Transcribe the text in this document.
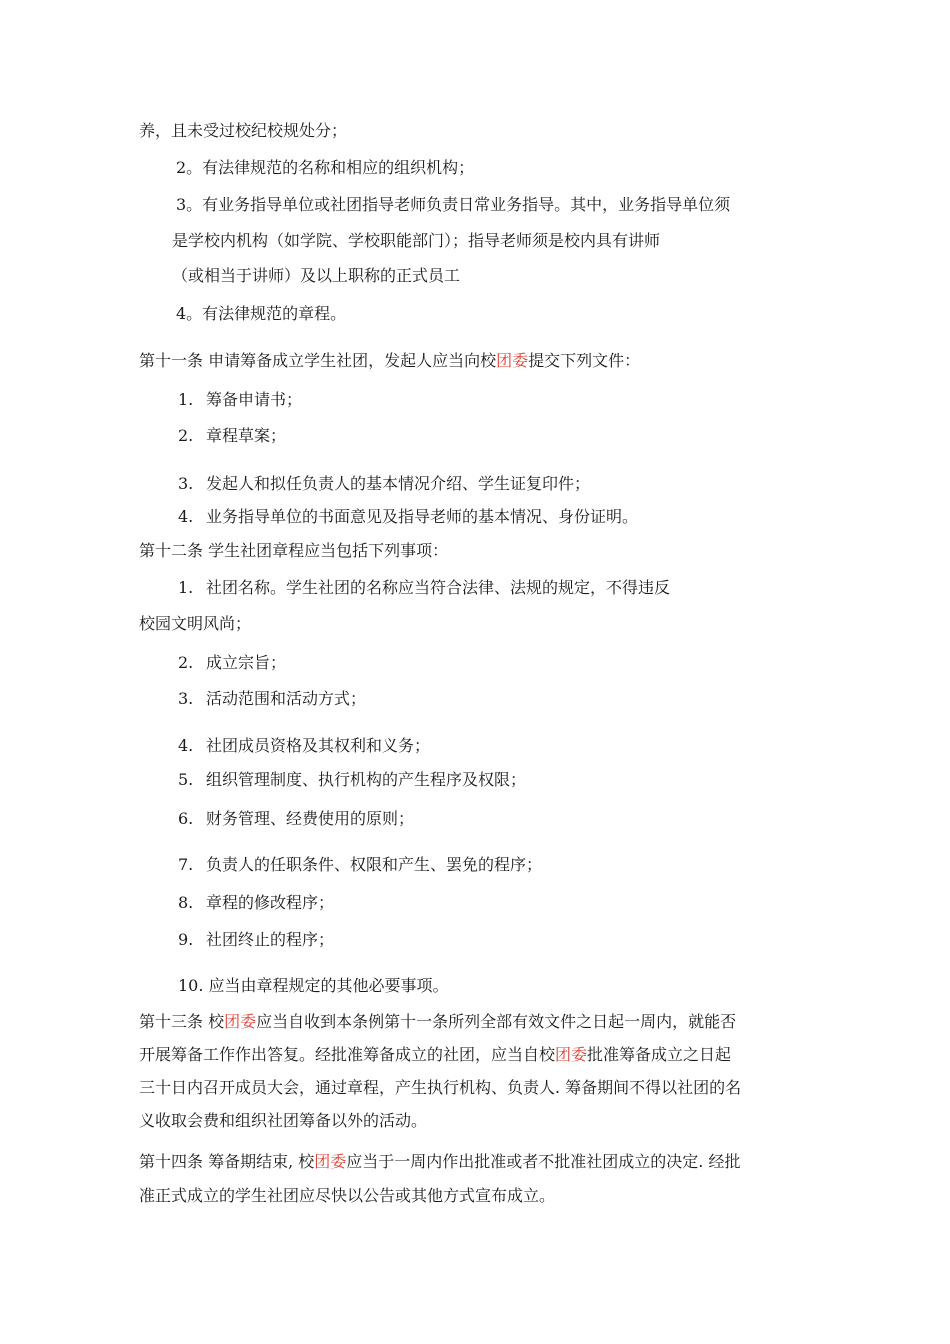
养，且未受过校纪校规处分；
2。有法律规范的名称和相应的组织机构；
3。有业务指导单位或社团指导老师负责日常业务指导。其中，业务指导单位须
是学校内机构（如学院、学校职能部门）；指导老师须是校内具有讲师
（或相当于讲师）及以上职称的正式员工
4。有法律规范的章程。
第十一条 申请筹备成立学生社团，发起人应当向校团委提交下列文件：
1. 筹备申请书；
2. 章程草案；
3. 发起人和拟任负责人的基本情况介绍、学生证复印件；
4. 业务指导单位的书面意见及指导老师的基本情况、身份证明。
第十二条 学生社团章程应当包括下列事项：
1. 社团名称。学生社团的名称应当符合法律、法规的规定，不得违反
校园文明风尚；
2. 成立宗旨；
3. 活动范围和活动方式；
4. 社团成员资格及其权利和义务；
5. 组织管理制度、执行机构的产生程序及权限；
6. 财务管理、经费使用的原则；
7. 负责人的任职条件、权限和产生、罢免的程序；
8. 章程的修改程序；
9. 社团终止的程序；
10. 应当由章程规定的其他必要事项。
第十三条 校团委应当自收到本条例第十一条所列全部有效文件之日起一周内，就能否
开展筹备工作作出答复。经批准筹备成立的社团，应当自校团委批准筹备成立之日起
三十日内召开成员大会，通过章程，产生执行机构、负责人. 筹备期间不得以社团的名
义收取会费和组织社团筹备以外的活动。
第十四条 筹备期结束, 校团委应当于一周内作出批准或者不批准社团成立的决定. 经批
准正式成立的学生社团应尽快以公告或其他方式宣布成立。
